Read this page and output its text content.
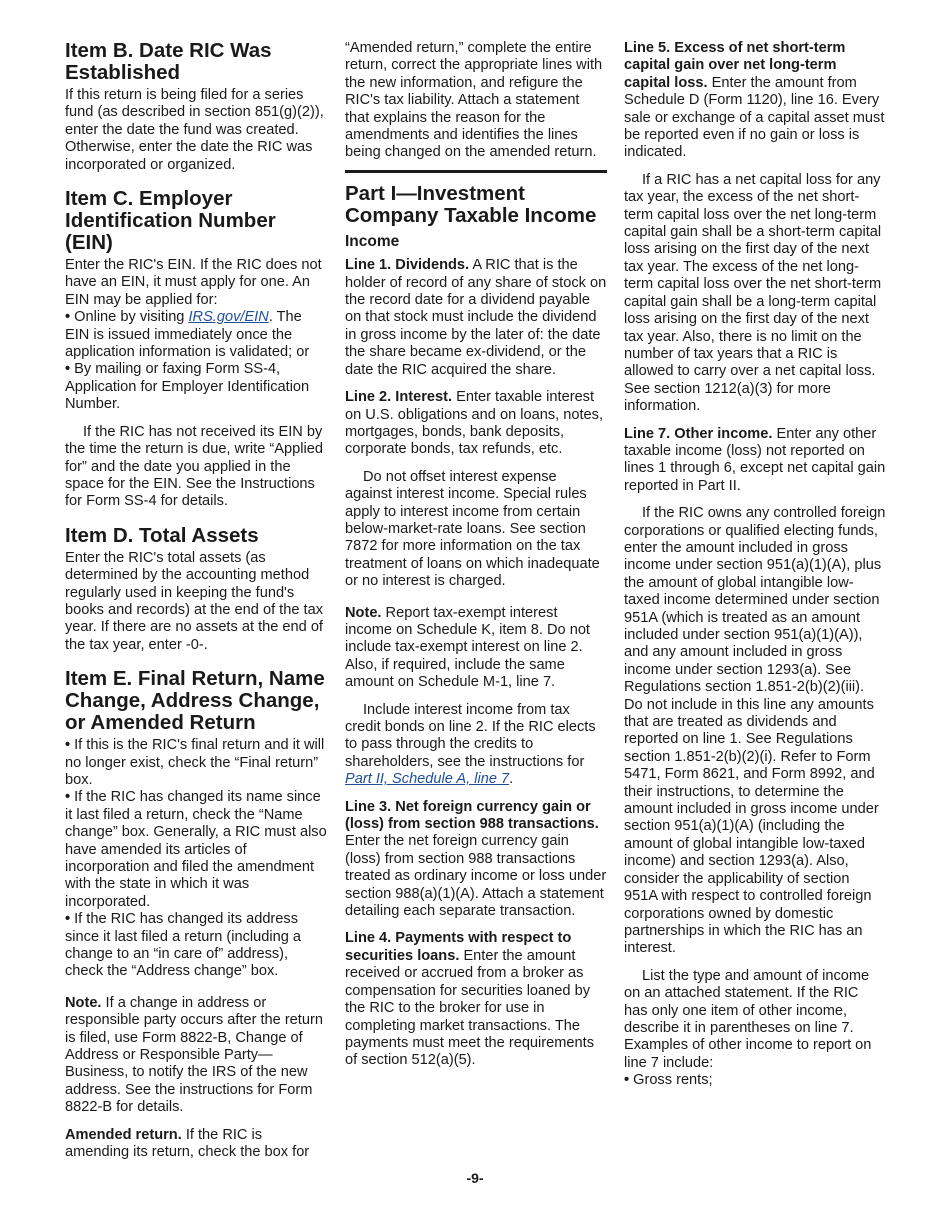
Item B. Date RIC Was Established

If this return is being filed for a series fund (as described in section 851(g)(2)), enter the date the fund was created. Otherwise, enter the date the RIC was incorporated or organized.

Item C. Employer Identification Number (EIN)

Enter the RIC's EIN. If the RIC does not have an EIN, it must apply for one. An EIN may be applied for:

• Online by visiting IRS.gov/EIN. The EIN is issued immediately once the application information is validated; or

• By mailing or faxing Form SS-4, Application for Employer Identification Number.

If the RIC has not received its EIN by the time the return is due, write “Applied for” and the date you applied in the space for the EIN. See the Instructions for Form SS-4 for details.

Item D. Total Assets

Enter the RIC's total assets (as determined by the accounting method regularly used in keeping the fund's books and records) at the end of the tax year. If there are no assets at the end of the tax year, enter -0-.

Item E. Final Return, Name Change, Address Change, or Amended Return

• If this is the RIC's final return and it will no longer exist, check the “Final return” box.

• If the RIC has changed its name since it last filed a return, check the “Name change” box. Generally, a RIC must also have amended its articles of incorporation and filed the amendment with the state in which it was incorporated.

• If the RIC has changed its address since it last filed a return (including a change to an “in care of” address), check the “Address change” box.

Note. If a change in address or responsible party occurs after the return is filed, use Form 8822-B, Change of Address or Responsible Party—Business, to notify the IRS of the new address. See the instructions for Form 8822-B for details.

Amended return. If the RIC is amending its return, check the box for

“Amended return,” complete the entire return, correct the appropriate lines with the new information, and refigure the RIC's tax liability. Attach a statement that explains the reason for the amendments and identifies the lines being changed on the amended return.

Part I—Investment Company Taxable Income
Income

Line 1. Dividends. A RIC that is the holder of record of any share of stock on the record date for a dividend payable on that stock must include the dividend in gross income by the later of: the date the share became ex-dividend, or the date the RIC acquired the share.

Line 2. Interest. Enter taxable interest on U.S. obligations and on loans, notes, mortgages, bonds, bank deposits, corporate bonds, tax refunds, etc.

Do not offset interest expense against interest income. Special rules apply to interest income from certain below-market-rate loans. See section 7872 for more information on the tax treatment of loans on which inadequate or no interest is charged.

Note. Report tax-exempt interest income on Schedule K, item 8. Do not include tax-exempt interest on line 2. Also, if required, include the same amount on Schedule M-1, line 7.

Include interest income from tax credit bonds on line 2. If the RIC elects to pass through the credits to shareholders, see the instructions for Part II, Schedule A, line 7.

Line 3. Net foreign currency gain or (loss) from section 988 transactions. Enter the net foreign currency gain (loss) from section 988 transactions treated as ordinary income or loss under section 988(a)(1)(A). Attach a statement detailing each separate transaction.

Line 4. Payments with respect to securities loans. Enter the amount received or accrued from a broker as compensation for securities loaned by the RIC to the broker for use in completing market transactions. The payments must meet the requirements of section 512(a)(5).

Line 5. Excess of net short-term capital gain over net long-term capital loss. Enter the amount from Schedule D (Form 1120), line 16. Every sale or exchange of a capital asset must be reported even if no gain or loss is indicated.

If a RIC has a net capital loss for any tax year, the excess of the net short-term capital loss over the net long-term capital gain shall be a short-term capital loss arising on the first day of the next tax year. The excess of the net long-term capital loss over the net short-term capital gain shall be a long-term capital loss arising on the first day of the next tax year. Also, there is no limit on the number of tax years that a RIC is allowed to carry over a net capital loss. See section 1212(a)(3) for more information.

Line 7. Other income. Enter any other taxable income (loss) not reported on lines 1 through 6, except net capital gain reported in Part II.

If the RIC owns any controlled foreign corporations or qualified electing funds, enter the amount included in gross income under section 951(a)(1)(A), plus the amount of global intangible low-taxed income determined under section 951A (which is treated as an amount included under section 951(a)(1)(A)), and any amount included in gross income under section 1293(a). See Regulations section 1.851-2(b)(2)(iii). Do not include in this line any amounts that are treated as dividends and reported on line 1. See Regulations section 1.851-2(b)(2)(i). Refer to Form 5471, Form 8621, and Form 8992, and their instructions, to determine the amount included in gross income under section 951(a)(1)(A) (including the amount of global intangible low-taxed income) and section 1293(a). Also, consider the applicability of section 951A with respect to controlled foreign corporations owned by domestic partnerships in which the RIC has an interest.

List the type and amount of income on an attached statement. If the RIC has only one item of other income, describe it in parentheses on line 7. Examples of other income to report on line 7 include:

• Gross rents;

-9-
